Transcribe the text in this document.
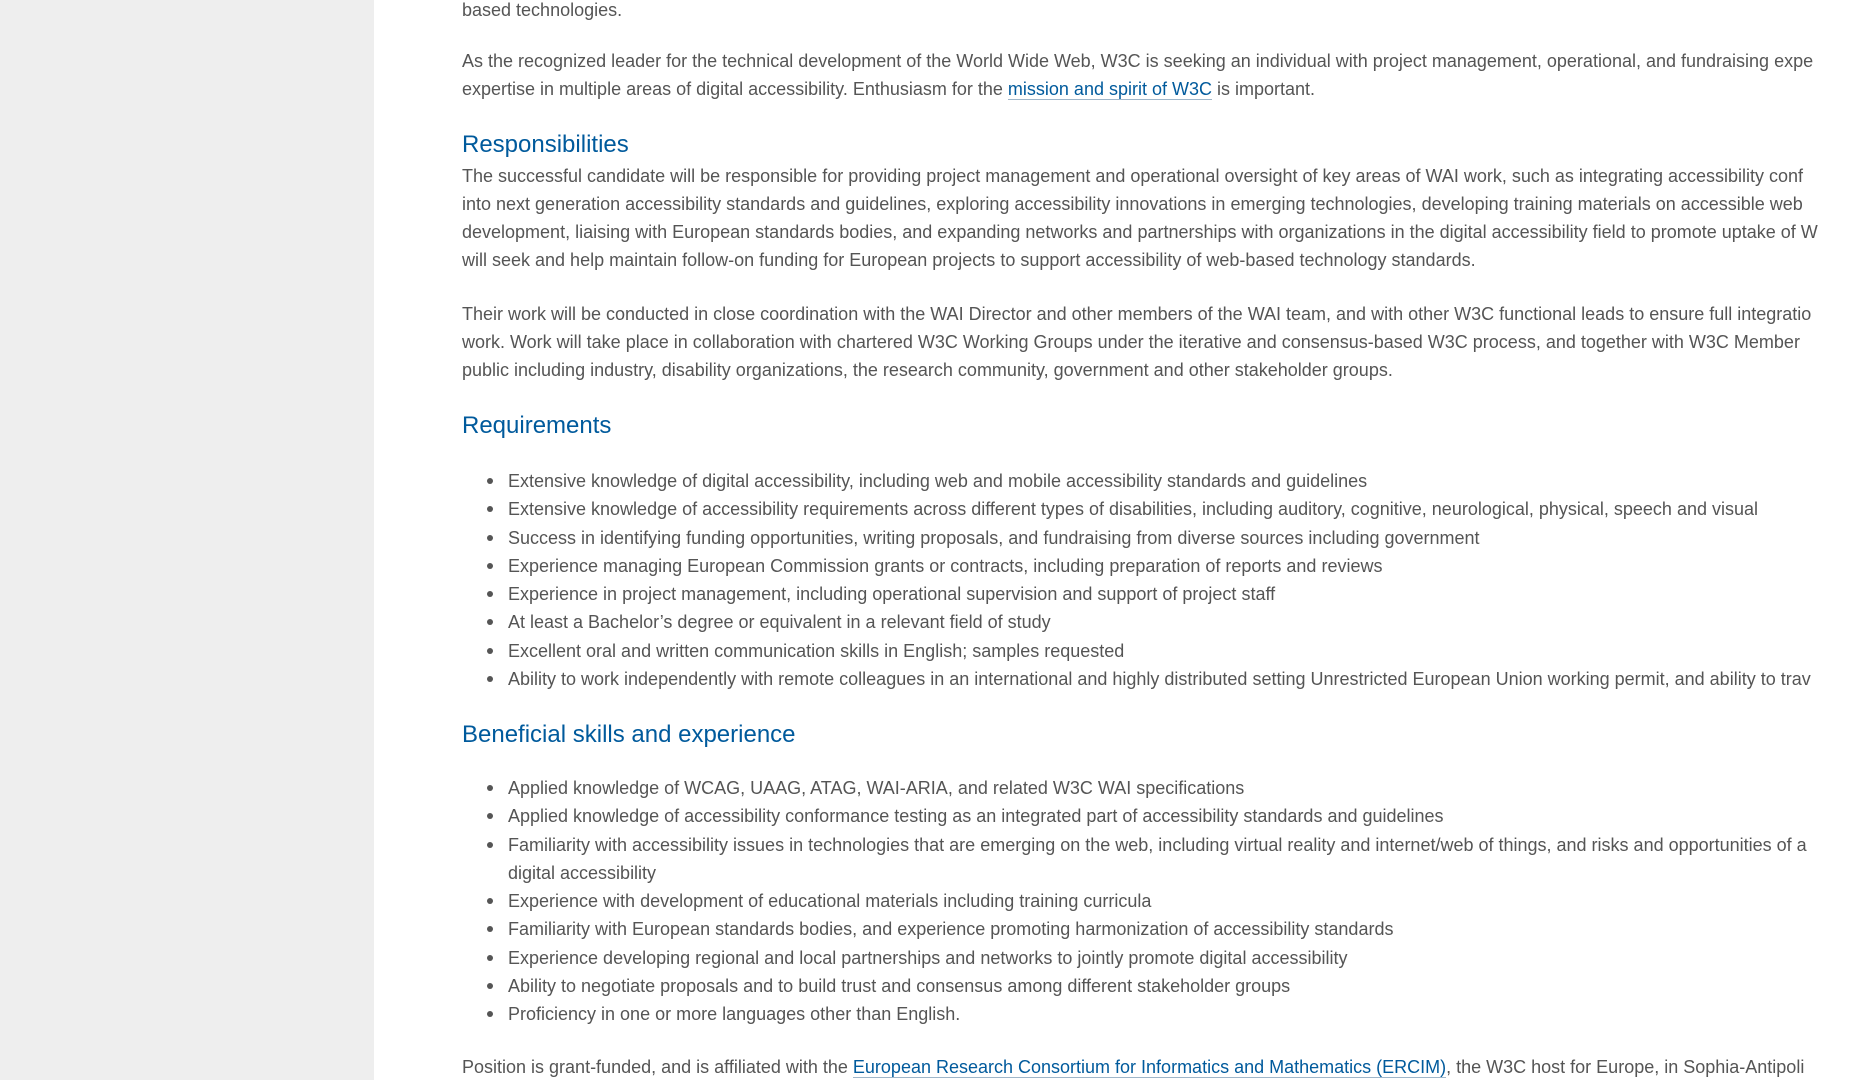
based technologies.
As the recognized leader for the technical development of the World Wide Web, W3C is seeking an individual with project management, operational, and fundraising expe
expertise in multiple areas of digital accessibility. Enthusiasm for the mission and spirit of W3C is important.
Responsibilities
The successful candidate will be responsible for providing project management and operational oversight of key areas of WAI work, such as integrating accessibility conf
into next generation accessibility standards and guidelines, exploring accessibility innovations in emerging technologies, developing training materials on accessible web
development, liaising with European standards bodies, and expanding networks and partnerships with organizations in the digital accessibility field to promote uptake of W
will seek and help maintain follow-on funding for European projects to support accessibility of web-based technology standards.
Their work will be conducted in close coordination with the WAI Director and other members of the WAI team, and with other W3C functional leads to ensure full integratio
work. Work will take place in collaboration with chartered W3C Working Groups under the iterative and consensus-based W3C process, and together with W3C Member
public including industry, disability organizations, the research community, government and other stakeholder groups.
Requirements
Extensive knowledge of digital accessibility, including web and mobile accessibility standards and guidelines
Extensive knowledge of accessibility requirements across different types of disabilities, including auditory, cognitive, neurological, physical, speech and visual
Success in identifying funding opportunities, writing proposals, and fundraising from diverse sources including government
Experience managing European Commission grants or contracts, including preparation of reports and reviews
Experience in project management, including operational supervision and support of project staff
At least a Bachelor’s degree or equivalent in a relevant field of study
Excellent oral and written communication skills in English; samples requested
Ability to work independently with remote colleagues in an international and highly distributed setting Unrestricted European Union working permit, and ability to trav
Beneficial skills and experience
Applied knowledge of WCAG, UAAG, ATAG, WAI-ARIA, and related W3C WAI specifications
Applied knowledge of accessibility conformance testing as an integrated part of accessibility standards and guidelines
Familiarity with accessibility issues in technologies that are emerging on the web, including virtual reality and internet/web of things, and risks and opportunities of a
digital accessibility
Experience with development of educational materials including training curricula
Familiarity with European standards bodies, and experience promoting harmonization of accessibility standards
Experience developing regional and local partnerships and networks to jointly promote digital accessibility
Ability to negotiate proposals and to build trust and consensus among different stakeholder groups
Proficiency in one or more languages other than English.
Position is grant-funded, and is affiliated with the European Research Consortium for Informatics and Mathematics (ERCIM), the W3C host for Europe, in Sophia-Antipoli
